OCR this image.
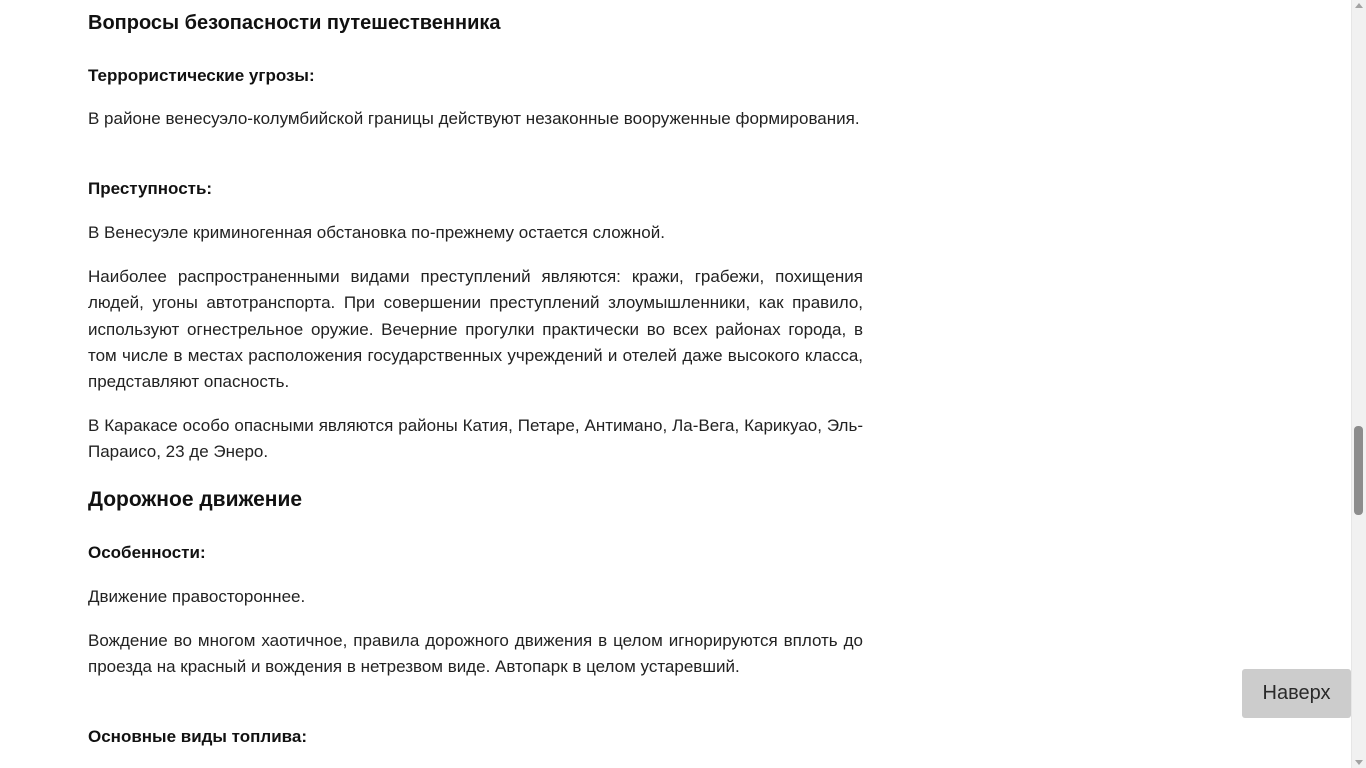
Вопросы безопасности путешественника
Террористические угрозы:

В районе венесуэло-колумбийской границы действуют незаконные вооруженные формирования.

Преступность:

В Венесуэле криминогенная обстановка по-прежнему остается сложной.

Наиболее распространенными видами преступлений являются: кражи, грабежи, похищения людей, угоны автотранспорта. При совершении преступлений злоумышленники, как правило, используют огнестрельное оружие. Вечерние прогулки практически во всех районах города, в том числе в местах расположения государственных учреждений и отелей даже высокого класса, представляют опасность.

В Каракасе особо опасными являются районы Катия, Петаре, Антимано, Ла-Вега, Карикуао, Эль-Параисо, 23 де Энеро.

Дорожное движение
Особенности:

Движение правостороннее.

Вождение во многом хаотичное, правила дорожного движения в целом игнорируются вплоть до проезда на красный и вождения в нетрезвом виде. Автопарк в целом устаревший.

Основные виды топлива:
Наверх
